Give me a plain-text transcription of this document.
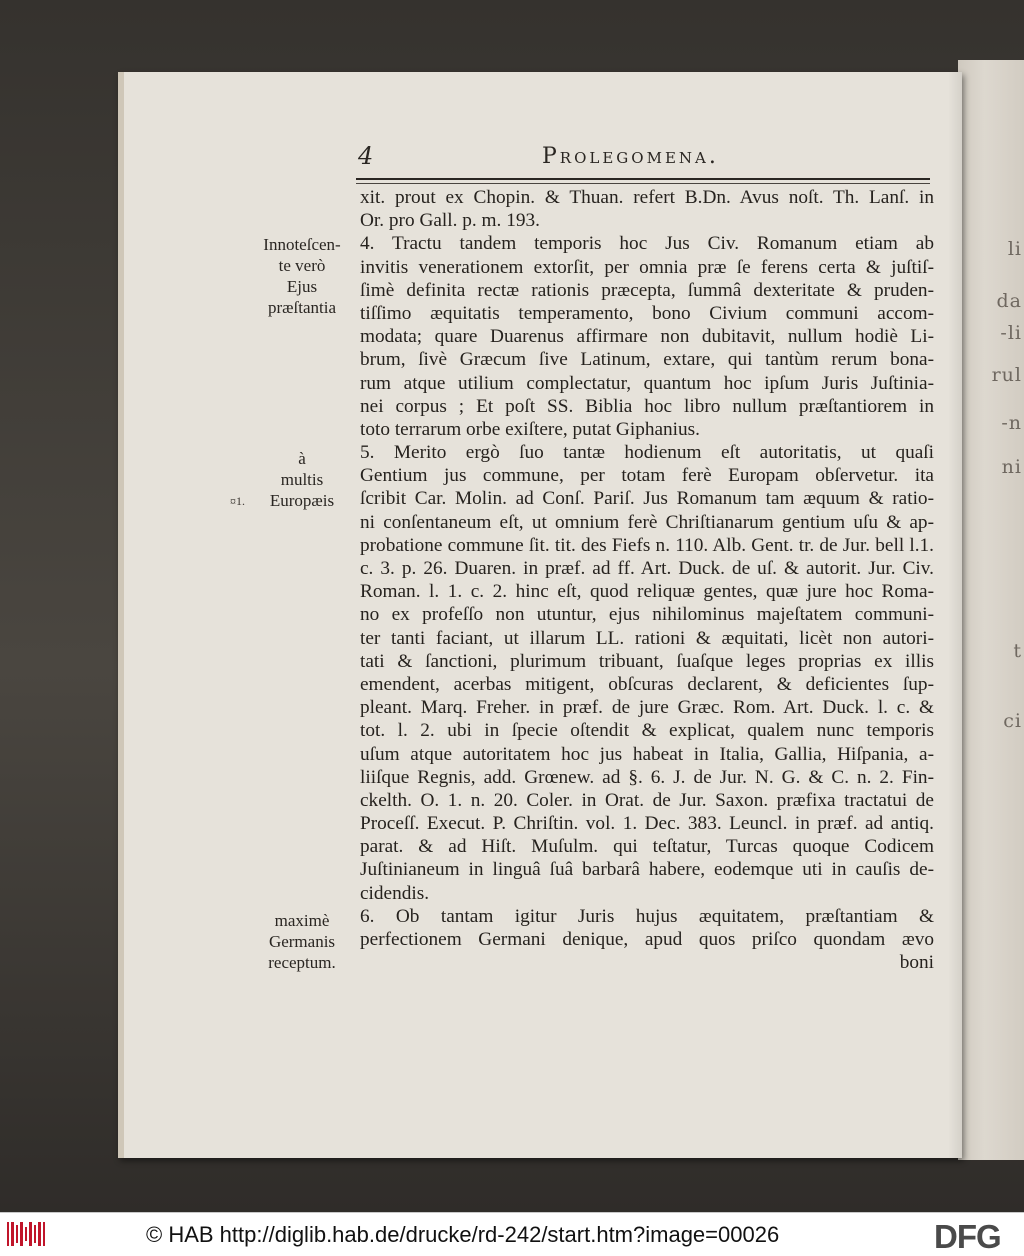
li
da
-li
rul
-n
ni
t
ci
4	Prolegomena.
Innoteſcen-
te verò
Ejus
præſtantia
à
multis
Europæis
maximè
Germanis
receptum.
¤1.
xit. prout ex Chopin. & Thuan. refert B.Dn. Avus noſt. Th. Lanſ. in
Or. pro Gall. p. m. 193.
4. Tractu tandem temporis hoc Jus Civ. Romanum etiam ab
invitis venerationem extorſit, per omnia præ ſe ferens certa & juſtiſ-
ſimè definita rectæ rationis præcepta, ſummâ dexteritate & pruden-
tiſſimo æquitatis temperamento, bono Civium communi accom-
modata; quare Duarenus affirmare non dubitavit, nullum hodiè Li-
brum, ſivè Græcum ſive Latinum, extare, qui tantùm rerum bona-
rum atque utilium complectatur, quantum hoc ipſum Juris Juſtinia-
nei corpus ; Et poſt SS. Biblia hoc libro nullum præſtantiorem in
toto terrarum orbe exiſtere, putat Giphanius.
5. Merito ergò ſuo tantæ hodienum eſt autoritatis, ut quaſi
Gentium jus commune, per totam ferè Europam obſervetur. ita
ſcribit Car. Molin. ad Conſ. Pariſ. Jus Romanum tam æquum & ratio-
ni conſentaneum eſt, ut omnium ferè Chriſtianarum gentium uſu & ap-
probatione commune ſit. tit. des Fiefs n. 110. Alb. Gent. tr. de Jur. bell l.1.
c. 3. p. 26. Duaren. in præf. ad ff. Art. Duck. de uſ. & autorit. Jur. Civ.
Roman. l. 1. c. 2. hinc eſt, quod reliquæ gentes, quæ jure hoc Roma-
no ex profeſſo non utuntur, ejus nihilominus majeſtatem communi-
ter tanti faciant, ut illarum LL. rationi & æquitati, licèt non autori-
tati & ſanctioni, plurimum tribuant, ſuaſque leges proprias ex illis
emendent, acerbas mitigent, obſcuras declarent, & deficientes ſup-
pleant. Marq. Freher. in præf. de jure Græc. Rom. Art. Duck. l. c. &
tot. l. 2. ubi in ſpecie oſtendit & explicat, qualem nunc temporis
uſum atque autoritatem hoc jus habeat in Italia, Gallia, Hiſpania, a-
liiſque Regnis, add. Grœnew. ad §. 6. J. de Jur. N. G. & C. n. 2. Fin-
ckelth. O. 1. n. 20. Coler. in Orat. de Jur. Saxon. præfixa tractatui de
Proceſſ. Execut. P. Chriſtin. vol. 1. Dec. 383. Leuncl. in præf. ad antiq.
parat. & ad Hiſt. Muſulm. qui teſtatur, Turcas quoque Codicem
Juſtinianeum in linguâ ſuâ barbarâ habere, eodemque uti in cauſis de-
cidendis.
6. Ob tantam igitur Juris hujus æquitatem, præſtantiam &
perfectionem Germani denique, apud quos priſco quondam ævo
boni
© HAB http://diglib.hab.de/drucke/rd-242/start.htm?image=00026	DFG
